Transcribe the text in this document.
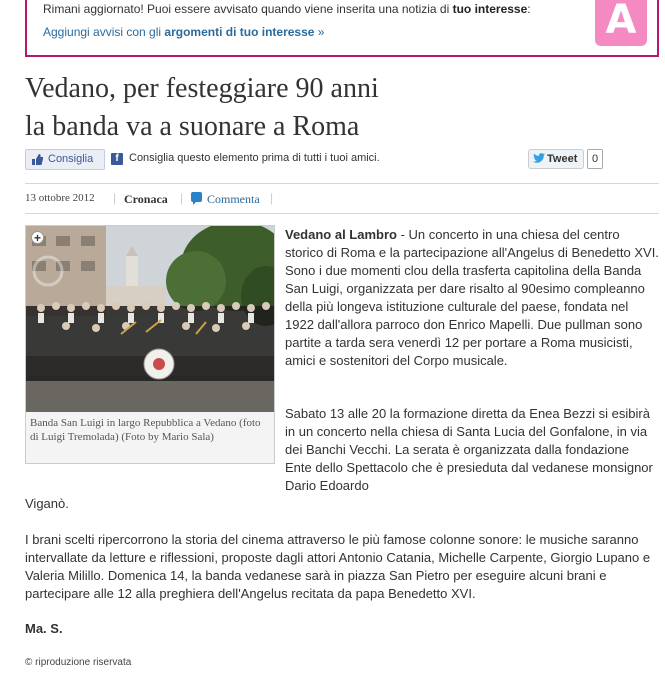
Rimani aggiornato! Puoi essere avvisato quando viene inserita una notizia di tuo interesse:
Aggiungi avvisi con gli argomenti di tuo interesse »	A
Vedano, per festeggiare 90 anni
la banda va a suonare a Roma
Consiglia	f Consiglia questo elemento prima di tutti i tuoi amici.	Tweet	0
13 ottobre 2012 | Cronaca | Commenta |
+
Banda San Luigi in largo Repubblica a Vedano (foto di Luigi Tremolada) (Foto by Mario Sala)

Vedano al Lambro - Un concerto in una chiesa del centro storico di Roma e la partecipazione all'Angelus di Benedetto XVI. Sono i due momenti clou della trasferta capitolina della Banda San Luigi, organizzata per dare risalto al 90esimo compleanno della più longeva istituzione culturale del paese, fondata nel 1922 dall'allora parroco don Enrico Mapelli. Due pullman sono partite a tarda sera venerdì 12 per portare a Roma musicisti, amici e sostenitori del Corpo musicale.

Sabato 13 alle 20 la formazione diretta da Enea Bezzi si esibirà in un concerto nella chiesa di Santa Lucia del Gonfalone, in via dei Banchi Vecchi. La serata è organizzata dalla fondazione Ente dello Spettacolo che è presieduta dal vedanese monsignor Dario Edoardo

Viganò.

I brani scelti ripercorrono la storia del cinema attraverso le più famose colonne sonore: le musiche saranno intervallate da letture e riflessioni, proposte dagli attori Antonio Catania, Michelle Carpente, Giorgio Lupano e Valeria Milillo. Domenica 14, la banda vedanese sarà in piazza San Pietro per eseguire alcuni brani e partecipare alle 12 alla preghiera dell'Angelus recitata da papa Benedetto XVI.

Ma. S.
© riproduzione riservata
